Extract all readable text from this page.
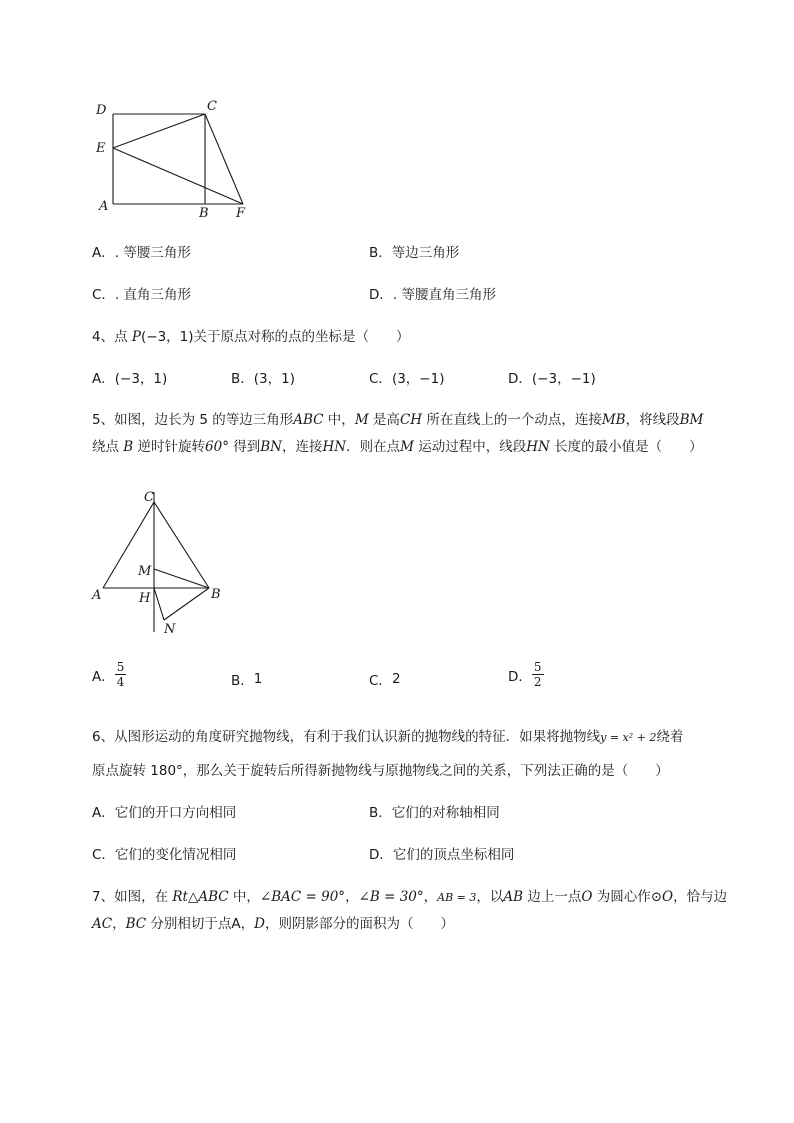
D	C
E
A	B F
A．. 等腰三角形	B．等边三角形
C．. 直角三角形	D．. 等腰直角三角形
4、点 P(−3，1)关于原点对称的点的坐标是（　　）
A．(−3，1)	B．(3，1)	C．(3，−1)	D．(−3，−1)
5、如图，边长为 5 的等边三角形ABC 中，M 是高CH 所在直线上的一个动点，连接MB，将线段BM
绕点 B 逆时针旋转60° 得到BN，连接HN．则在点M 运动过程中，线段HN 长度的最小值是（　　）
C
M
A	H	B
N
A． $\frac{5}{4}$	B． 1	C． 2	D． $\frac{5}{2}$
6、从图形运动的角度研究抛物线，有利于我们认识新的抛物线的特征．如果将抛物线y = x² + 2绕着
原点旋转 180°，那么关于旋转后所得新抛物线与原抛物线之间的关系，下列法正确的是（　　）
A．它们的开口方向相同	B．它们的对称轴相同
C．它们的变化情况相同	D．它们的顶点坐标相同
7、如图，在 Rt△ABC 中，∠BAC = 90°，∠B = 30°，AB = 3，以AB 边上一点O 为圆心作⊙O，恰与边
AC，BC 分别相切于点A，D，则阴影部分的面积为（　　）
